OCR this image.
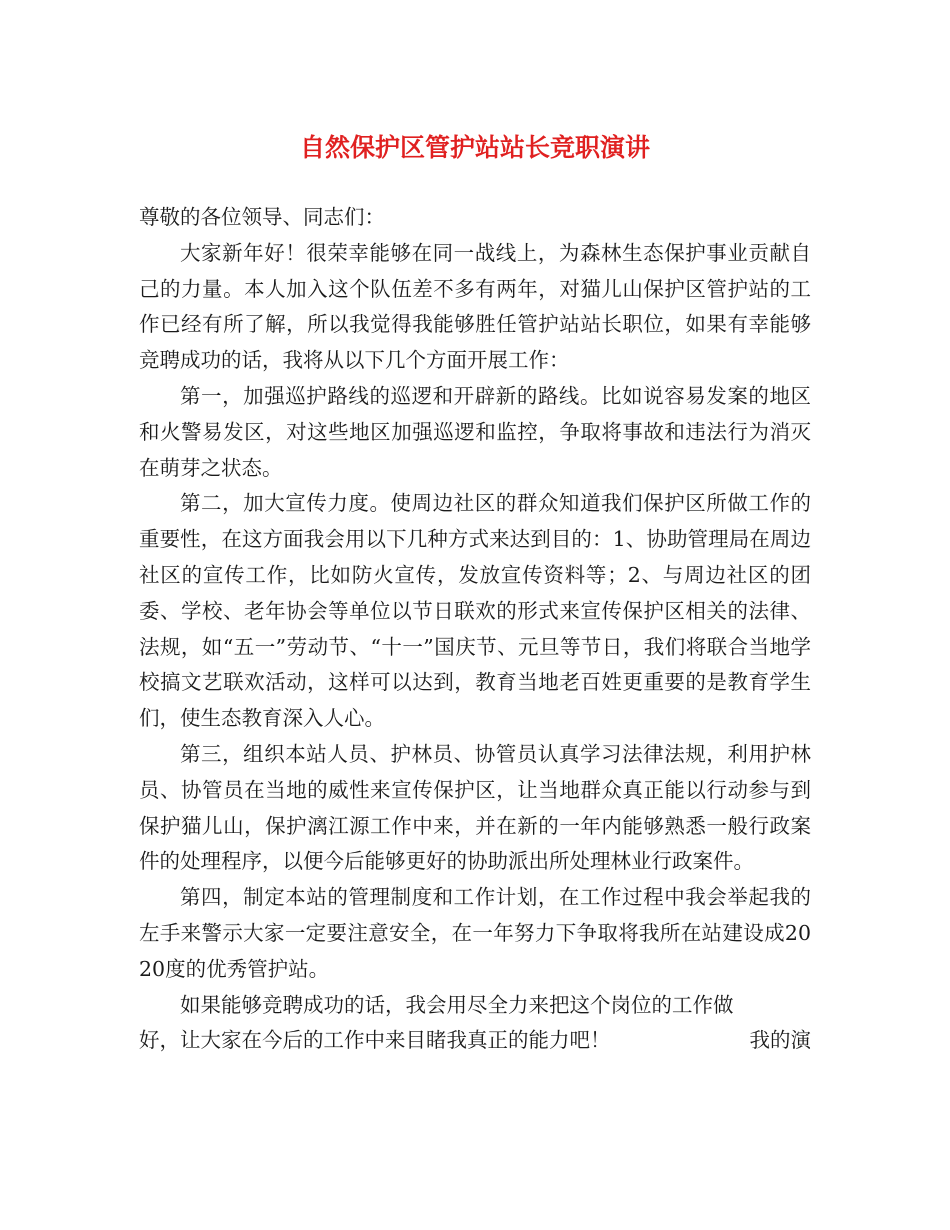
自然保护区管护站站长竞职演讲

尊敬的各位领导、同志们：

大家新年好！很荣幸能够在同一战线上，为森林生态保护事业贡献自己的力量。本人加入这个队伍差不多有两年，对猫儿山保护区管护站的工作已经有所了解，所以我觉得我能够胜任管护站站长职位，如果有幸能够竞聘成功的话，我将从以下几个方面开展工作：

第一，加强巡护路线的巡逻和开辟新的路线。比如说容易发案的地区和火警易发区，对这些地区加强巡逻和监控，争取将事故和违法行为消灭在萌芽之状态。

第二，加大宣传力度。使周边社区的群众知道我们保护区所做工作的重要性，在这方面我会用以下几种方式来达到目的：1、协助管理局在周边社区的宣传工作，比如防火宣传，发放宣传资料等；2、与周边社区的团委、学校、老年协会等单位以节日联欢的形式来宣传保护区相关的法律、法规，如“五一”劳动节、“十一”国庆节、元旦等节日，我们将联合当地学校搞文艺联欢活动，这样可以达到，教育当地老百姓更重要的是教育学生们，使生态教育深入人心。

第三，组织本站人员、护林员、协管员认真学习法律法规，利用护林员、协管员在当地的威性来宣传保护区，让当地群众真正能以行动参与到保护猫儿山，保护漓江源工作中来，并在新的一年内能够熟悉一般行政案件的处理程序，以便今后能够更好的协助派出所处理林业行政案件。

第四，制定本站的管理制度和工作计划，在工作过程中我会举起我的左手来警示大家一定要注意安全，在一年努力下争取将我所在站建设成2020度的优秀管护站。

如果能够竞聘成功的话，我会用尽全力来把这个岗位的工作做

好，让大家在今后的工作中来目睹我真正的能力吧！	我的演
